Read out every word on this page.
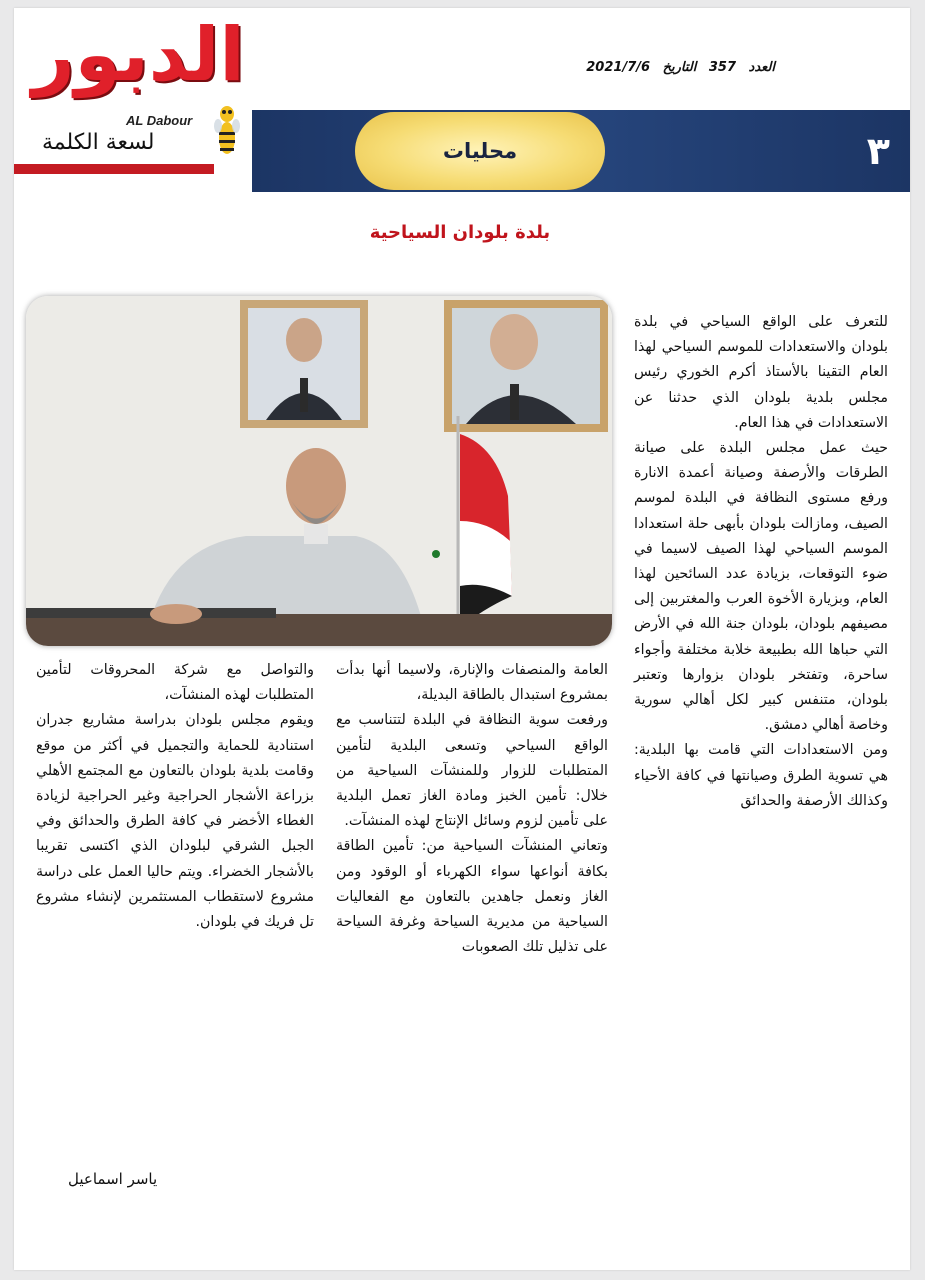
الدبور
AL Dabour
لسعة الكلمة
العدد 357 التاريخ 2021/7/6
محليات	٣
بلدة بلودان السياحية

للتعرف على الواقع السياحي في بلدة بلودان والاستعدادات للموسم السياحي لهذا العام التقينا بالأستاذ أكرم الخوري رئيس مجلس بلدية بلودان الذي حدثنا عن الاستعدادات في هذا العام.

حيث عمل مجلس البلدة على صيانة الطرقات والأرصفة وصيانة أعمدة الانارة ورفع مستوى النظافة في البلدة لموسم الصيف، ومازالت بلودان بأبهى حلة استعدادا الموسم السياحي لهذا الصيف لاسيما في ضوء التوقعات، بزيادة عدد السائحين لهذا العام، وبزيارة الأخوة العرب والمغتربين إلى مصيفهم بلودان، بلودان جنة الله في الأرض التي حباها الله بطبيعة خلابة مختلفة وأجواء ساحرة، وتفتخر بلودان بزوارها وتعتبر بلودان، متنفس كبير لكل أهالي سورية وخاصة أهالي دمشق.

ومن الاستعدادات التي قامت بها البلدية: هي تسوية الطرق وصيانتها في كافة الأحياء وكذالك الأرصفة والحدائق

العامة والمنصفات والإنارة، ولاسيما أنها بدأت بمشروع استبدال بالطاقة البديلة،

ورفعت سوية النظافة في البلدة لتتناسب مع الواقع السياحي وتسعى البلدية لتأمين المتطلبات للزوار وللمنشآت السياحية من خلال: تأمين الخبز ومادة الغاز تعمل البلدية على تأمين لزوم وسائل الإنتاج لهذه المنشآت.

وتعاني المنشآت السياحية من: تأمين الطاقة بكافة أنواعها سواء الكهرباء أو الوقود ومن الغاز ونعمل جاهدين بالتعاون مع الفعاليات السياحية من مديرية السياحة وغرفة السياحة على تذليل تلك الصعوبات

والتواصل مع شركة المحروقات لتأمين المتطلبات لهذه المنشآت،

ويقوم مجلس بلودان بدراسة مشاريع جدران استنادية للحماية والتجميل في أكثر من موقع وقامت بلدية بلودان بالتعاون مع المجتمع الأهلي بزراعة الأشجار الحراجية وغير الحراجية لزيادة الغطاء الأخضر في كافة الطرق والحدائق وفي الجبل الشرقي لبلودان الذي اكتسى تقريبا بالأشجار الخضراء. ويتم حاليا العمل على دراسة مشروع لاستقطاب المستثمرين لإنشاء مشروع تل فريك في بلودان.

ياسر اسماعيل
